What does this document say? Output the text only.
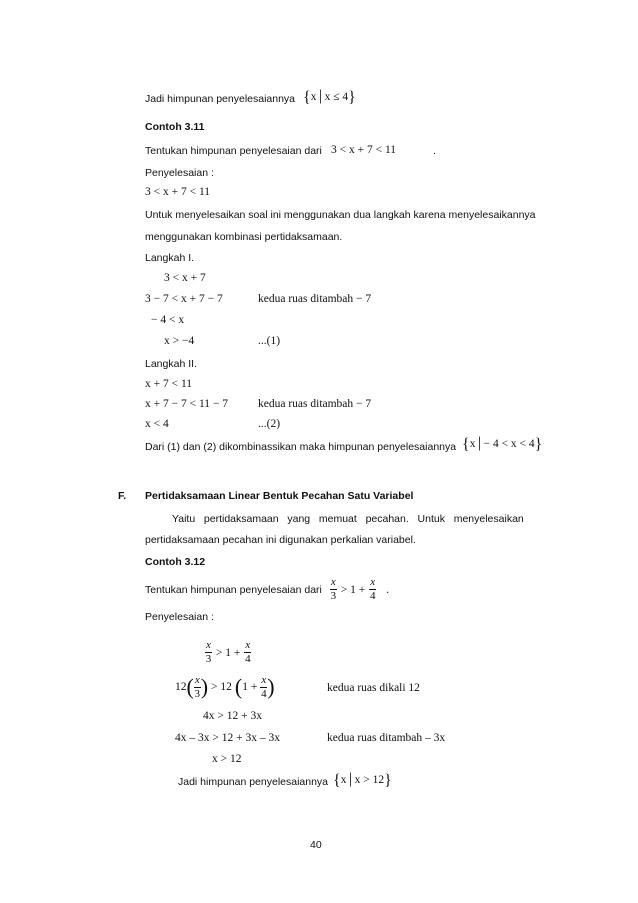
Jadi himpunan penyelesaiannya {x│x ≤ 4}
Contoh 3.11
Tentukan himpunan penyelesaian dari 3 < x + 7 < 11	.
Penyelesaian :
3 < x + 7 < 11
Untuk menyelesaikan soal ini menggunakan dua langkah karena menyelesaikannya
menggunakan kombinasi pertidaksamaan.
Langkah I.
3 < x + 7
3 − 7 < x + 7 − 7	kedua ruas ditambah − 7
− 4 < x
x > −4	...(1)
Langkah II.
x + 7 < 11
x + 7 − 7 < 11 − 7	kedua ruas ditambah − 7
x < 4	...(2)
Dari (1) dan (2) dikombinassikan maka himpunan penyelesaiannya {x│− 4 < x < 4}
F. Pertidaksamaan Linear Bentuk Pecahan Satu Variabel
Yaitu   pertidaksamaan   yang   memuat   pecahan.   Untuk   menyelesaikan
pertidaksamaan pecahan ini digunakan perkalian variabel.
Contoh 3.12
Tentukan himpunan penyelesaian dari $\frac{x}{3} > 1 + \frac{x}{4}$ .
Penyelesaian :
$\frac{x}{3} > 1 + \frac{x}{4}$
12 ( $\frac{x}{3}$ ) > 12 ( $1 + \frac{x}{4}$ )	kedua ruas dikali 12
4x > 12 + 3x
4x – 3x > 12 + 3x – 3x	kedua ruas ditambah – 3x
x > 12
Jadi himpunan penyelesaiannya {x│x > 12}
40
